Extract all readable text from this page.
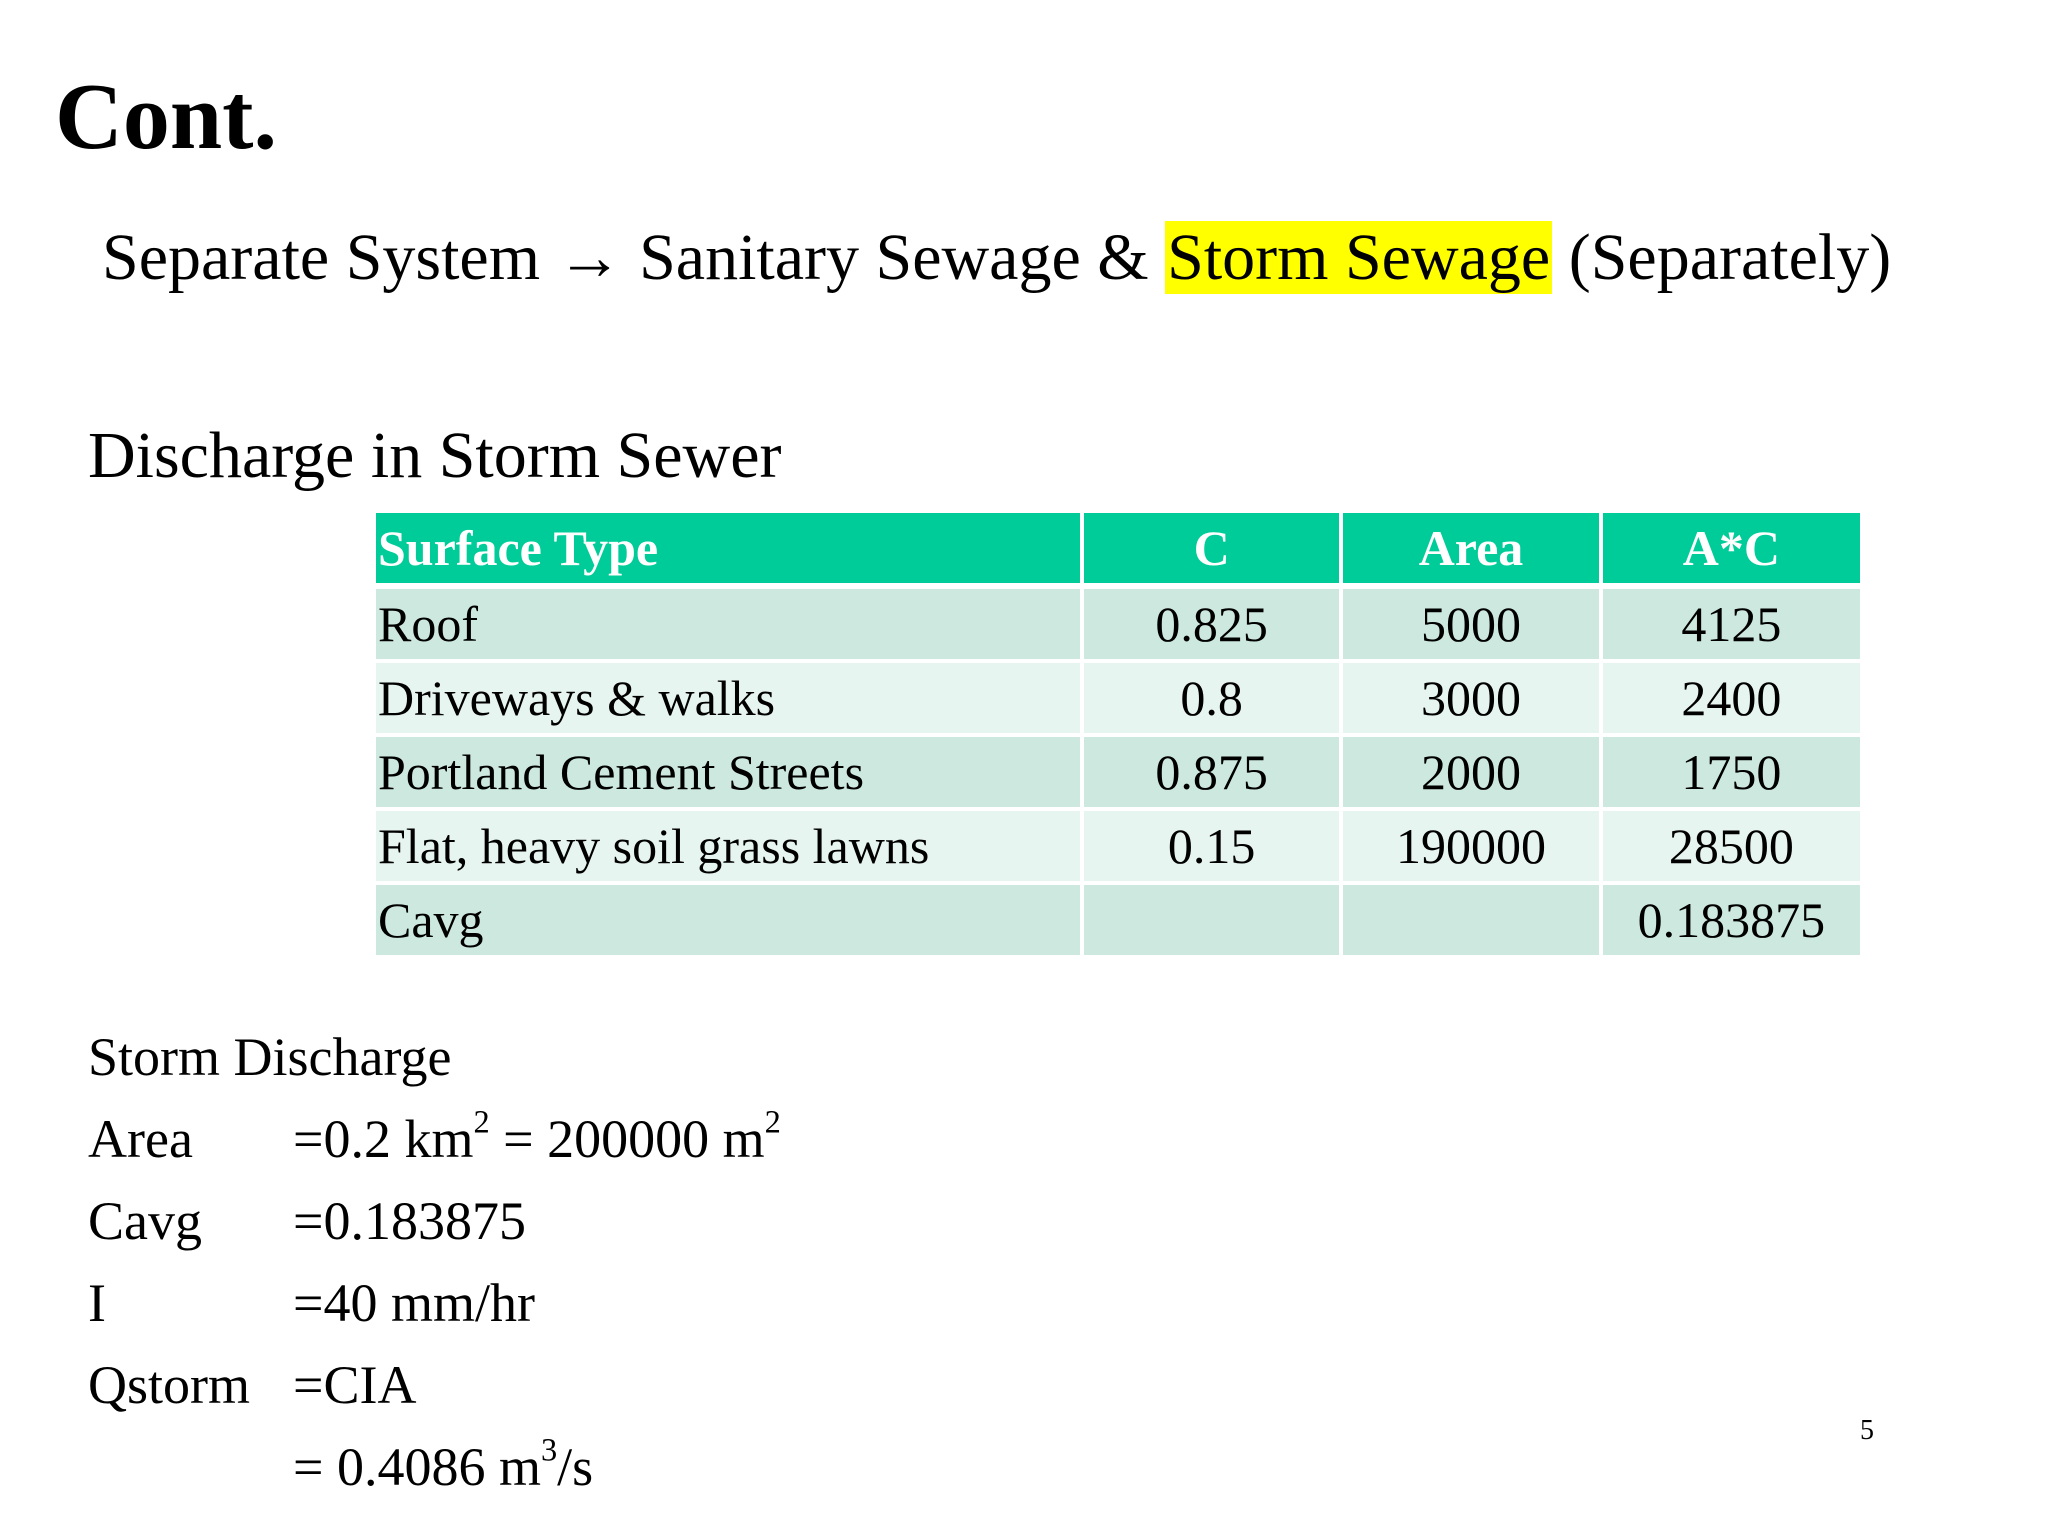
Cont.
Separate System → Sanitary Sewage & Storm Sewage (Separately)
Discharge in Storm Sewer
Surface Type	C	Area	A*C
Roof	0.825	5000	4125
Driveways & walks	0.8	3000	2400
Portland Cement Streets	0.875	2000	1750
Flat, heavy soil grass lawns	0.15	190000	28500
Cavg			0.183875
Storm Discharge
Area	=0.2 $km^2 = 200000$ $m^2$
Cavg	=0.183875
I	=40 mm/hr
Qstorm =CIA
= 0.4086 $m^3/s$
5
